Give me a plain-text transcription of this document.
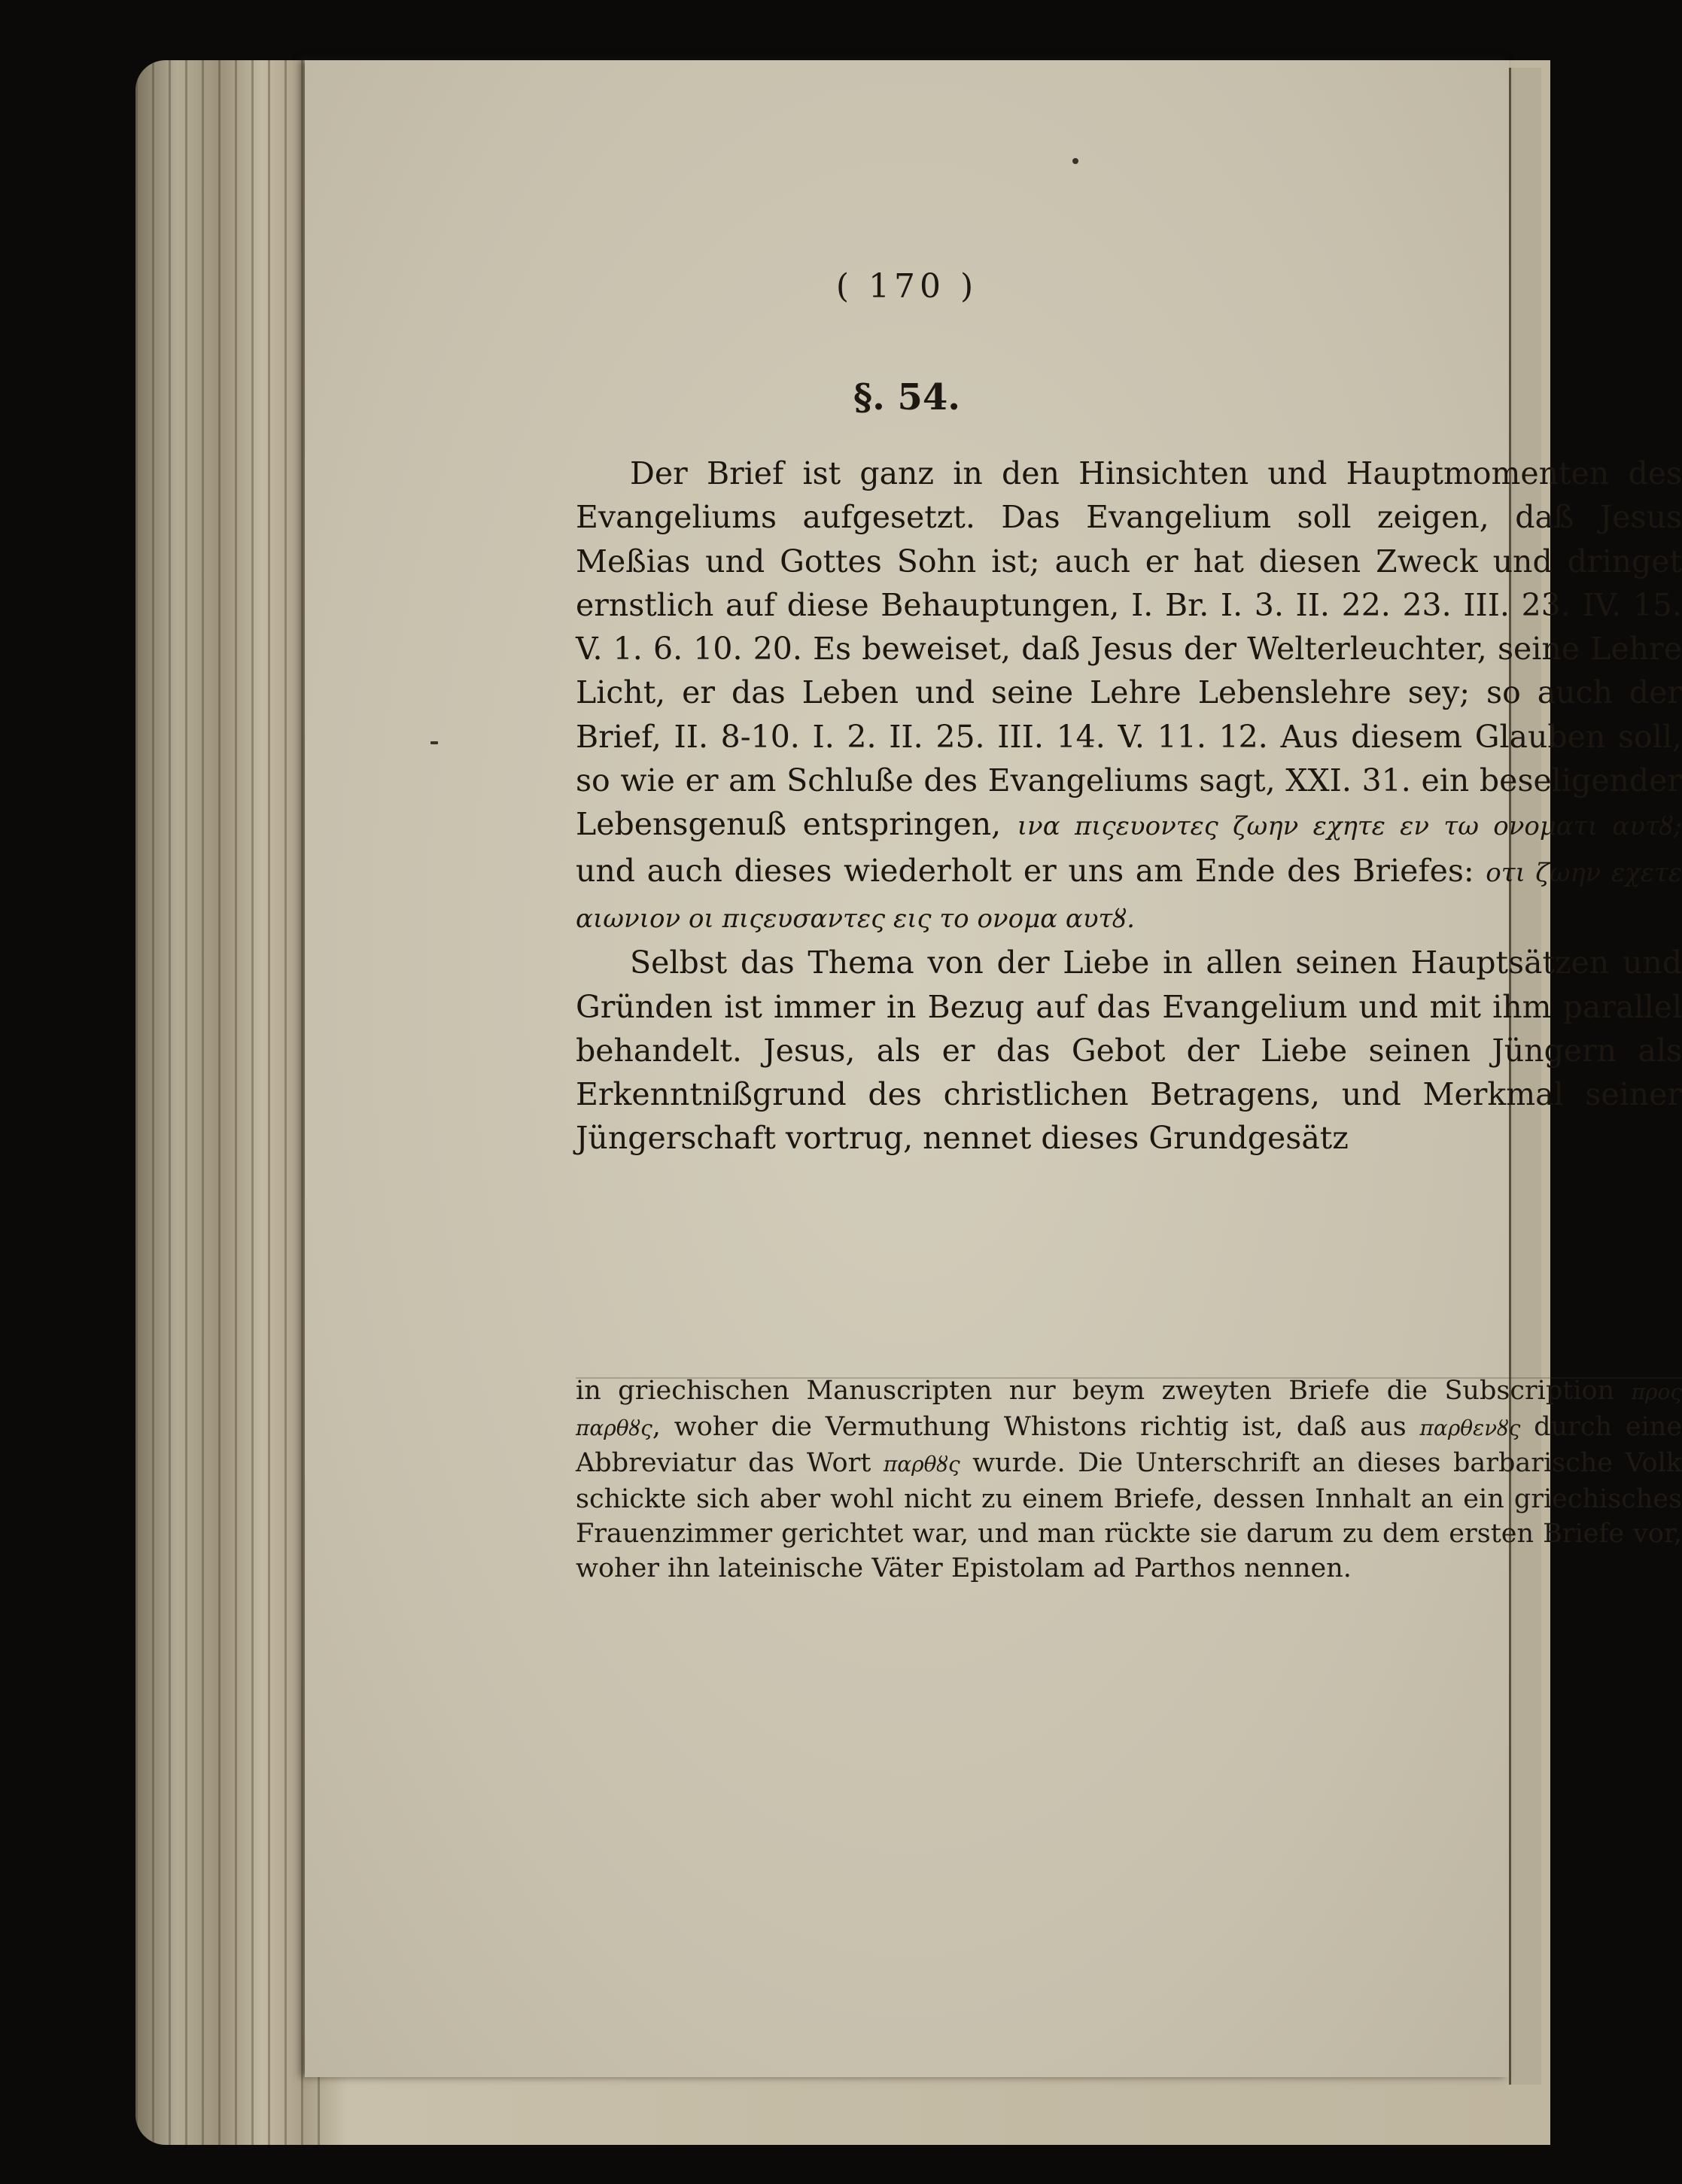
( 170 )
§. 54.

Der Brief ist ganz in den Hinsichten und Hauptmomenten des Evangeliums aufgesetzt. Das Evangelium soll zeigen, daß Jesus Meßias und Gottes Sohn ist; auch er hat diesen Zweck und dringet ernstlich auf diese Behauptungen, I. Br. I. 3. II. 22. 23. III. 23. IV. 15. V. 1. 6. 10. 20. Es beweiset, daß Jesus der Welterleuchter, seine Lehre Licht, er das Leben und seine Lehre Lebenslehre sey; so auch der Brief, II. 8-10. I. 2. II. 25. III. 14. V. 11. 12. Aus diesem Glauben soll, so wie er am Schluße des Evangeliums sagt, XXI. 31. ein beseligender Lebensgenuß entspringen, ινα πιςευοντες ζωην εχητε εν τω ονοματι αυτȣ; und auch dieses wiederholt er uns am Ende des Briefes: οτι ζωην εχετε αιωνιον οι πιςευσαντες εις το ονομα αυτȣ.

Selbst das Thema von der Liebe in allen seinen Hauptsätzen und Gründen ist immer in Bezug auf das Evangelium und mit ihm parallel behandelt. Jesus, als er das Gebot der Liebe seinen Jüngern als Erkenntnißgrund des christlichen Betragens, und Merkmal seiner Jüngerschaft vortrug, nennet dieses Grundgesätz

in griechischen Manuscripten nur beym zweyten Briefe die Subscription προς παρθȣς, woher die Vermuthung Whistons richtig ist, daß aus παρθενȣς durch eine Abbreviatur das Wort παρθȣς wurde. Die Unterschrift an dieses barbarische Volk schickte sich aber wohl nicht zu einem Briefe, dessen Innhalt an ein griechisches Frauenzimmer gerichtet war, und man rückte sie darum zu dem ersten Briefe vor, woher ihn lateinische Väter Epistolam ad Parthos nennen.
